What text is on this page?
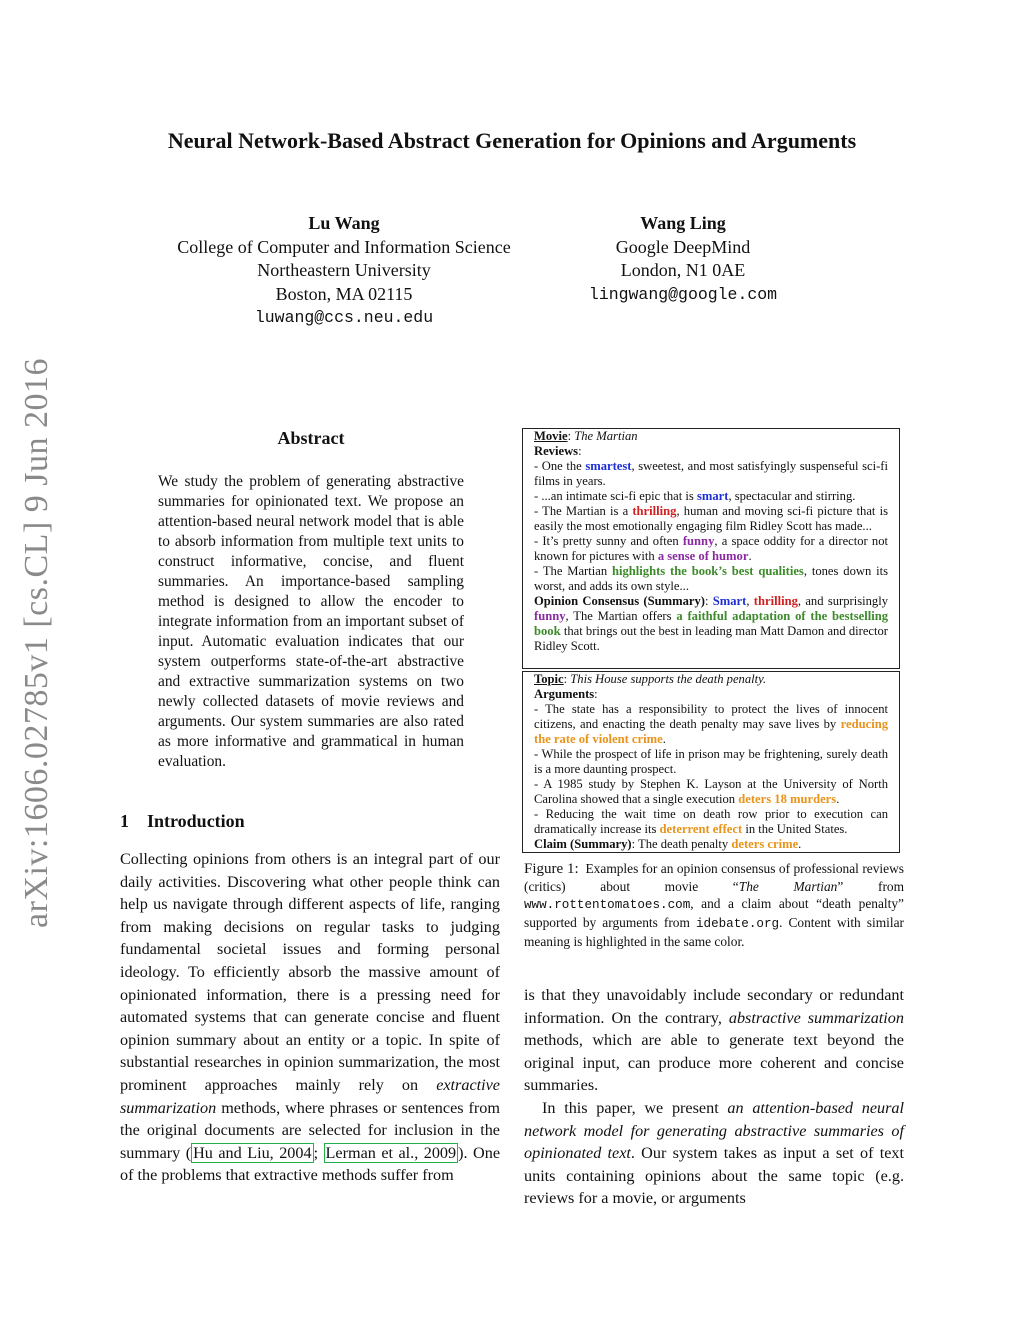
Neural Network-Based Abstract Generation for Opinions and Arguments
Lu Wang
College of Computer and Information Science
Northeastern University
Boston, MA 02115
luwang@ccs.neu.edu
Wang Ling
Google DeepMind
London, N1 0AE
lingwang@google.com
arXiv:1606.02785v1 [cs.CL] 9 Jun 2016	Abstract
We study the problem of generating abstractive summaries for opinionated text. We propose an attention-based neural network model that is able to absorb information from multiple text units to construct informative, concise, and fluent summaries. An importance-based sampling method is designed to allow the encoder to integrate information from an important subset of input. Automatic evaluation indicates that our system outperforms state-of-the-art abstractive and extractive summarization systems on two newly collected datasets of movie reviews and arguments. Our system summaries are also rated as more informative and grammatical in human evaluation.
1 Introduction
Collecting opinions from others is an integral part of our daily activities. Discovering what other people think can help us navigate through different aspects of life, ranging from making decisions on regular tasks to judging fundamental societal issues and forming personal ideology. To efficiently absorb the massive amount of opinionated information, there is a pressing need for automated systems that can generate concise and fluent opinion summary about an entity or a topic. In spite of substantial researches in opinion summarization, the most prominent approaches mainly rely on extractive summarization methods, where phrases or sentences from the original documents are selected for inclusion in the summary ( Hu and Liu, 2004 ; Lerman et al., 2009 ). One of the problems that extractive methods suffer from

Movie: The Martian

Reviews:

- One the smartest, sweetest, and most satisfyingly suspenseful sci-fi films in years.

- ...an intimate sci-fi epic that is smart, spectacular and stirring.

- The Martian is a thrilling, human and moving sci-fi picture that is easily the most emotionally engaging film Ridley Scott has made...

- It’s pretty sunny and often funny, a space oddity for a director not known for pictures with a sense of humor.

- The Martian highlights the book’s best qualities, tones down its worst, and adds its own style...

Opinion Consensus (Summary): Smart, thrilling, and surprisingly funny, The Martian offers a faithful adaptation of the bestselling book that brings out the best in leading man Matt Damon and director Ridley Scott.

Topic: This House supports the death penalty.

Arguments:

- The state has a responsibility to protect the lives of innocent citizens, and enacting the death penalty may save lives by reducing the rate of violent crime.

- While the prospect of life in prison may be frightening, surely death is a more daunting prospect.

- A 1985 study by Stephen K. Layson at the University of North Carolina showed that a single execution deters 18 murders.

- Reducing the wait time on death row prior to execution can dramatically increase its deterrent effect in the United States.

Claim (Summary): The death penalty deters crime.

Figure 1: Examples for an opinion consensus of professional reviews (critics) about movie “The Martian” from www.rottentomatoes.com, and a claim about “death penalty” supported by arguments from idebate.org. Content with similar meaning is highlighted in the same color.

is that they unavoidably include secondary or redundant information. On the contrary, abstractive summarization methods, which are able to generate text beyond the original input, can produce more coherent and concise summaries.

In this paper, we present an attention-based neural network model for generating abstractive summaries of opinionated text. Our system takes as input a set of text units containing opinions about the same topic (e.g. reviews for a movie, or arguments
